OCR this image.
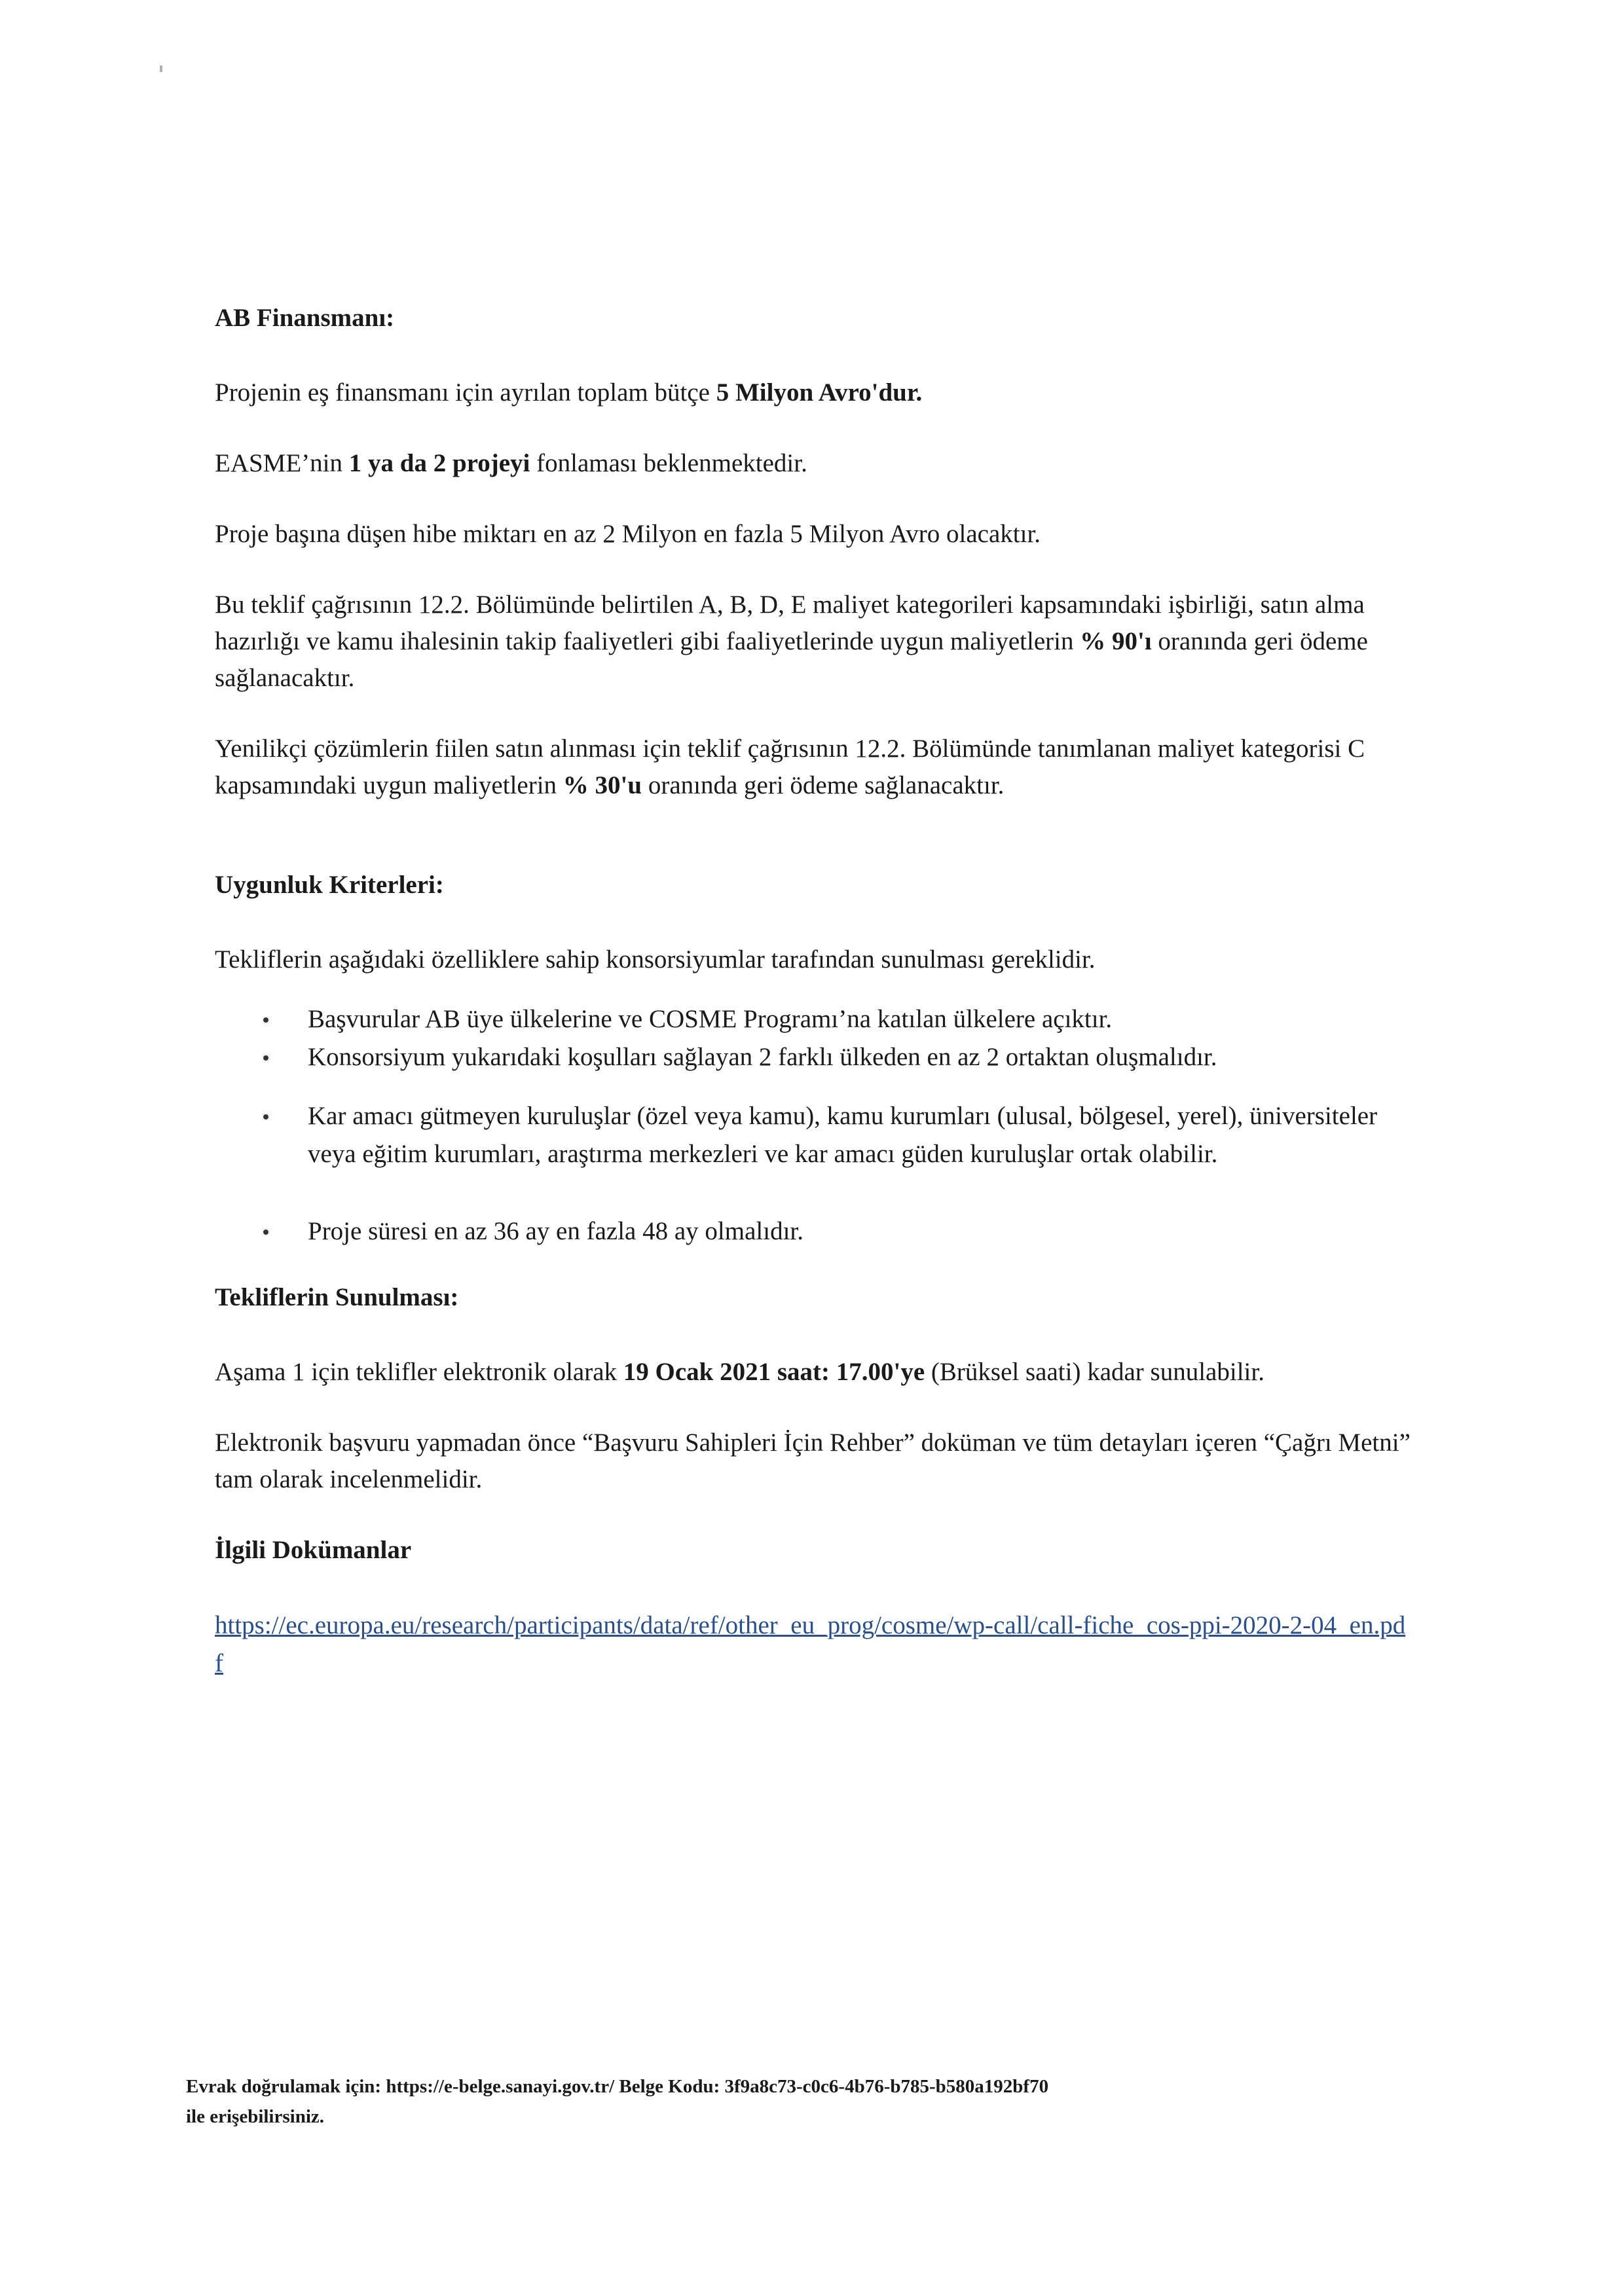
AB Finansmanı:

Projenin eş finansmanı için ayrılan toplam bütçe 5 Milyon Avro'dur.

EASME’nin 1 ya da 2 projeyi fonlaması beklenmektedir.

Proje başına düşen hibe miktarı en az 2 Milyon en fazla 5 Milyon Avro olacaktır.

Bu teklif çağrısının 12.2. Bölümünde belirtilen A, B, D, E maliyet kategorileri kapsamındaki işbirliği, satın alma hazırlığı ve kamu ihalesinin takip faaliyetleri gibi faaliyetlerinde uygun maliyetlerin % 90'ı oranında geri ödeme sağlanacaktır.

Yenilikçi çözümlerin fiilen satın alınması için teklif çağrısının 12.2. Bölümünde tanımlanan maliyet kategorisi C kapsamındaki uygun maliyetlerin % 30'u oranında geri ödeme sağlanacaktır.

Uygunluk Kriterleri:

Tekliflerin aşağıdaki özelliklere sahip konsorsiyumlar tarafından sunulması gereklidir.

Başvurular AB üye ülkelerine ve COSME Programı’na katılan ülkelere açıktır.
Konsorsiyum yukarıdaki koşulları sağlayan 2 farklı ülkeden en az 2 ortaktan oluşmalıdır.
Kar amacı gütmeyen kuruluşlar (özel veya kamu), kamu kurumları (ulusal, bölgesel, yerel), üniversiteler veya eğitim kurumları, araştırma merkezleri ve kar amacı güden kuruluşlar ortak olabilir.
Proje süresi en az 36 ay en fazla 48 ay olmalıdır.

Tekliflerin Sunulması:

Aşama 1 için teklifler elektronik olarak 19 Ocak 2021 saat: 17.00'ye (Brüksel saati) kadar sunulabilir.

Elektronik başvuru yapmadan önce “Başvuru Sahipleri İçin Rehber” doküman ve tüm detayları içeren “Çağrı Metni” tam olarak incelenmelidir.

İlgili Dokümanlar

https://ec.europa.eu/research/participants/data/ref/other_eu_prog/cosme/wp-call/call-fiche_cos-ppi-2020-2-04_en.pdf
Evrak doğrulamak için: https://e-belge.sanayi.gov.tr/ Belge Kodu: 3f9a8c73-c0c6-4b76-b785-b580a192bf70
ile erişebilirsiniz.
